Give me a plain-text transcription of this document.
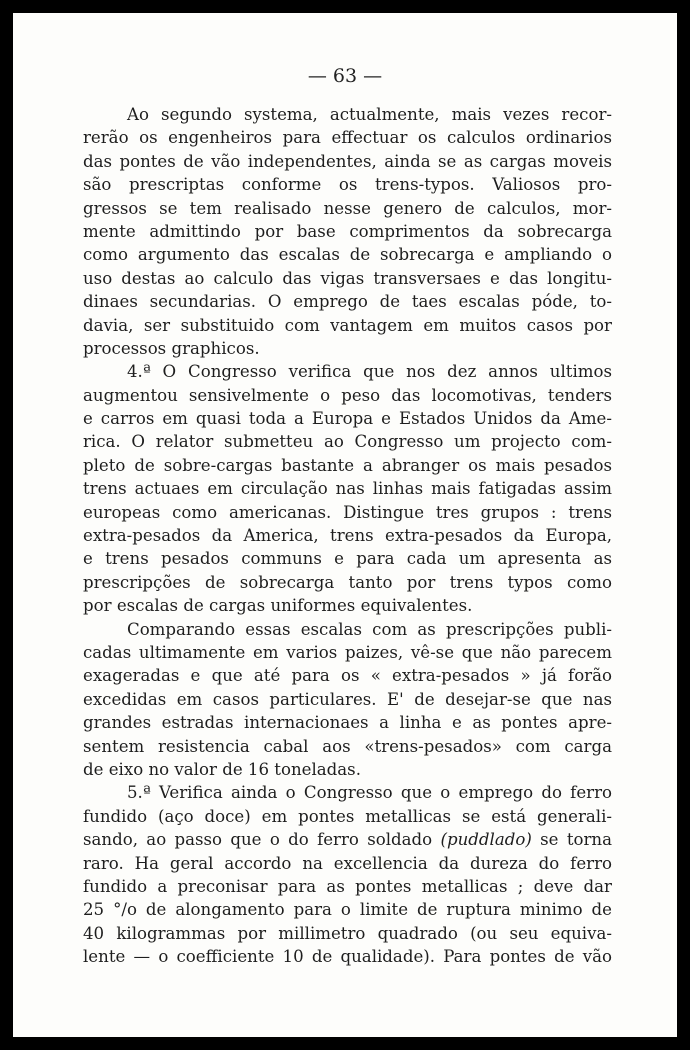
— 63 —
Ao segundo systema, actualmente, mais vezes recor-
rerão os engenheiros para effectuar os calculos ordinarios
das pontes de vão independentes, ainda se as cargas moveis
são prescriptas conforme os trens-typos. Valiosos pro-
gressos se tem realisado nesse genero de calculos, mor-
mente admittindo por base comprimentos da sobrecarga
como argumento das escalas de sobrecarga e ampliando o
uso destas ao calculo das vigas transversaes e das longitu-
dinaes secundarias. O emprego de taes escalas póde, to-
davia, ser substituido com vantagem em muitos casos por
processos graphicos.
4.ª O Congresso verifica que nos dez annos ultimos
augmentou sensivelmente o peso das locomotivas, tenders
e carros em quasi toda a Europa e Estados Unidos da Ame-
rica. O relator submetteu ao Congresso um projecto com-
pleto de sobre-cargas bastante a abranger os mais pesados
trens actuaes em circulação nas linhas mais fatigadas assim
europeas como americanas. Distingue tres grupos : trens
extra-pesados da America, trens extra-pesados da Europa,
e trens pesados communs e para cada um apresenta as
prescripções de sobrecarga tanto por trens typos como
por escalas de cargas uniformes equivalentes.
Comparando essas escalas com as prescripções publi-
cadas ultimamente em varios paizes, vê-se que não parecem
exageradas e que até para os « extra-pesados » já forão
excedidas em casos particulares. E' de desejar-se que nas
grandes estradas internacionaes a linha e as pontes apre-
sentem resistencia cabal aos «trens-pesados» com carga
de eixo no valor de 16 toneladas.
5.ª Verifica ainda o Congresso que o emprego do ferro
fundido (aço doce) em pontes metallicas se está generali-
sando, ao passo que o do ferro soldado (puddlado) se torna
raro. Ha geral accordo na excellencia da dureza do ferro
fundido a preconisar para as pontes metallicas ; deve dar
25 °/o de alongamento para o limite de ruptura minimo de
40 kilogrammas por millimetro quadrado (ou seu equiva-
lente — o coefficiente 10 de qualidade). Para pontes de vão
